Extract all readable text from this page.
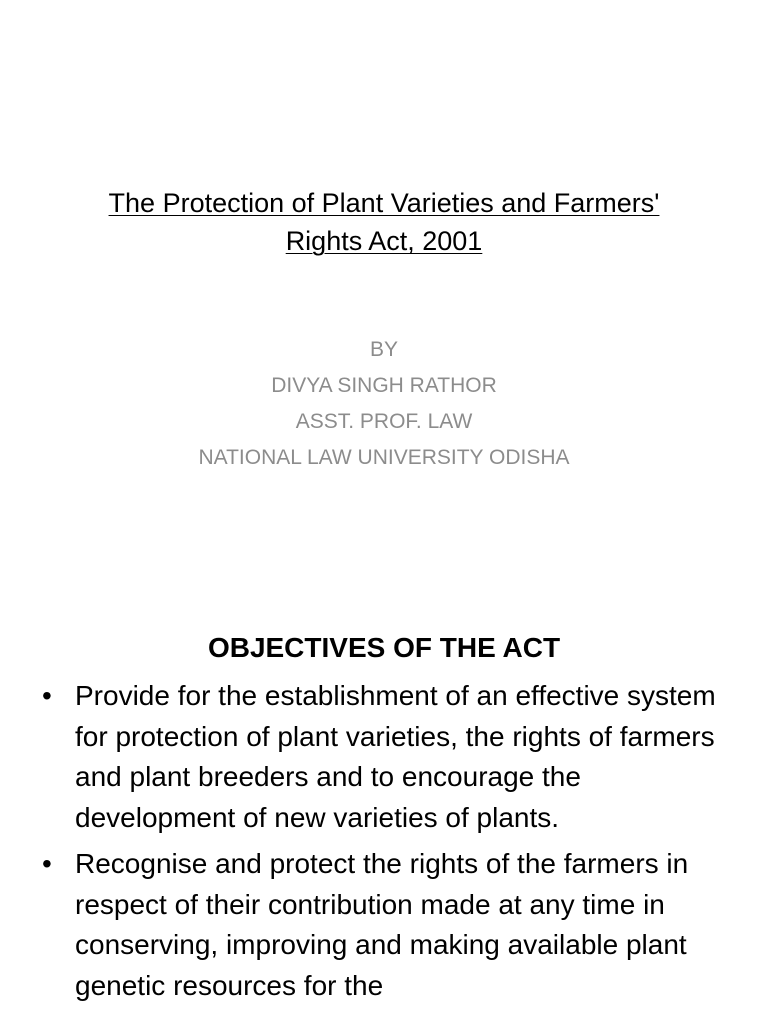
The Protection of Plant Varieties and Farmers'
Rights Act, 2001
BY
DIVYA SINGH RATHOR
ASST. PROF. LAW
NATIONAL LAW UNIVERSITY ODISHA
OBJECTIVES OF THE ACT
• Provide for the establishment of an effective system for protection of plant varieties, the rights of farmers and plant breeders and to encourage the development of new varieties of plants.
• Recognise and protect the rights of the farmers in respect of their contribution made at any time in conserving, improving and making available plant genetic resources for the
